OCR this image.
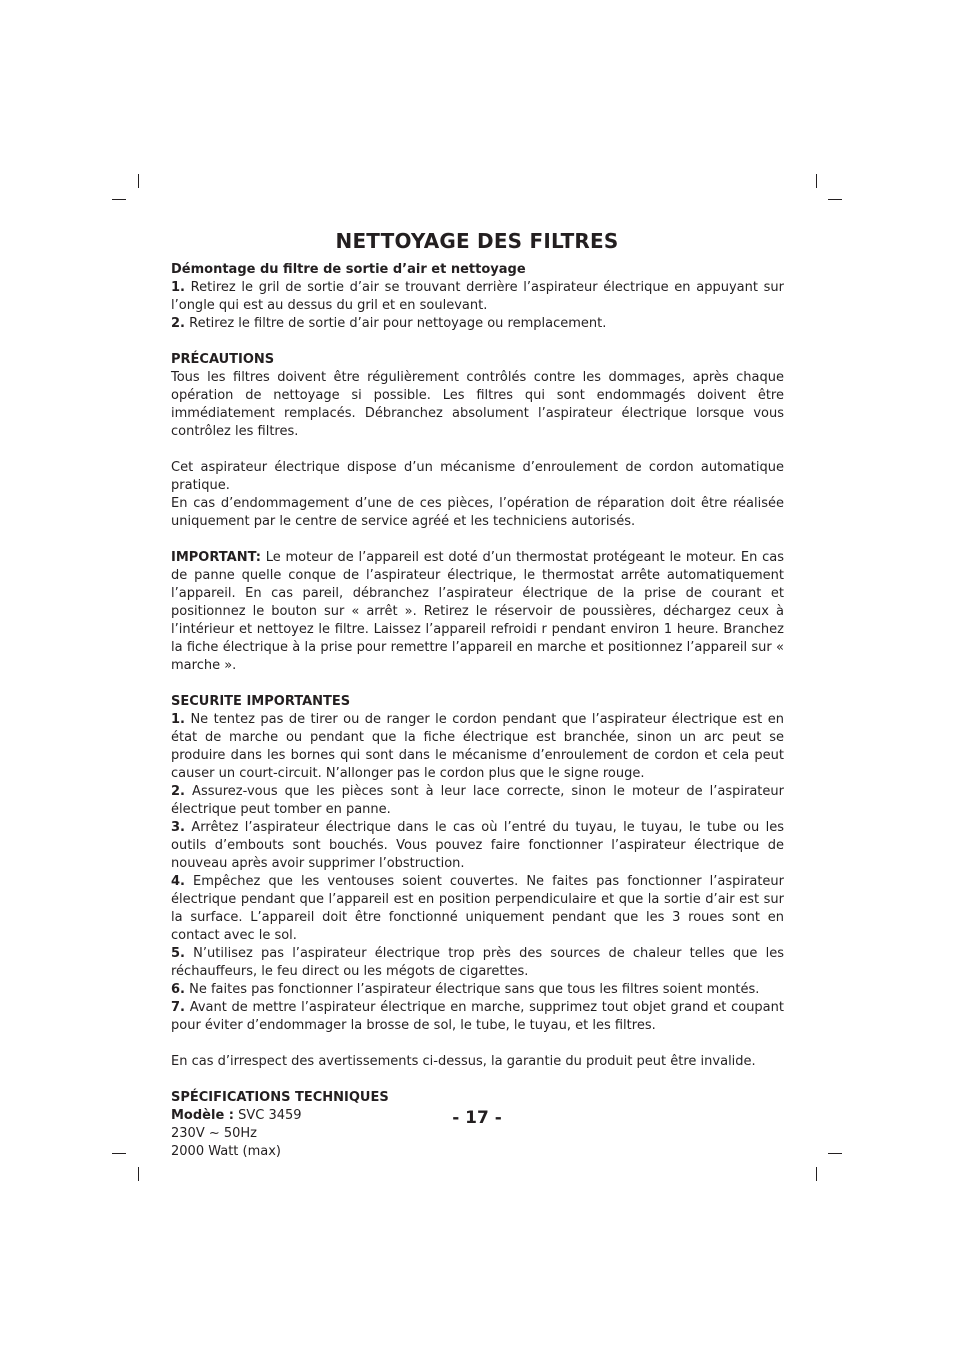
NETTOYAGE DES FILTRES
Démontage du filtre de sortie d’air et nettoyage

1. Retirez le gril de sortie d’air se trouvant derrière l’aspirateur électrique en appuyant sur l’ongle qui est au dessus du gril et en soulevant.

2. Retirez le filtre de sortie d’air pour nettoyage ou remplacement.

PRÉCAUTIONS

Tous les filtres doivent être régulièrement contrôlés contre les dommages, après chaque opération de nettoyage si possible. Les filtres qui sont endommagés doivent être immédiatement remplacés. Débranchez absolument l’aspirateur électrique lorsque vous contrôlez les filtres.

Cet aspirateur électrique dispose d’un mécanisme d’enroulement de cordon automatique pratique.

En cas d’endommagement d’une de ces pièces, l’opération de réparation doit être réalisée uniquement par le centre de service agréé et les techniciens autorisés.

IMPORTANT: Le moteur de l’appareil est doté d’un thermostat protégeant le moteur. En cas de panne quelle conque de l’aspirateur électrique, le thermostat arrête automatiquement l’appareil. En cas pareil, débranchez l’aspirateur électrique de la prise de courant et positionnez le bouton sur « arrêt ». Retirez le réservoir de poussières, déchargez ceux à l’intérieur et nettoyez le filtre. Laissez l’appareil refroidi r pendant environ 1 heure. Branchez la fiche électrique à la prise pour remettre l’appareil en marche et positionnez l’appareil sur « marche ».

SECURITE IMPORTANTES

1. Ne tentez pas de tirer ou de ranger le cordon pendant que l’aspirateur électrique est en état de marche ou pendant que la fiche électrique est branchée, sinon un arc peut se produire dans les bornes qui sont dans le mécanisme d’enroulement de cordon et cela peut causer un court-circuit. N’allonger pas le cordon plus que le signe rouge.

2. Assurez-vous que les pièces sont à leur lace correcte, sinon le moteur de l’aspirateur électrique peut tomber en panne.

3. Arrêtez l’aspirateur électrique dans le cas où l’entré du tuyau, le tuyau, le tube ou les outils d’embouts sont bouchés. Vous pouvez faire fonctionner l’aspirateur électrique de nouveau après avoir supprimer l’obstruction.

4. Empêchez que les ventouses soient couvertes. Ne faites pas fonctionner l’aspirateur électrique pendant que l’appareil est en position perpendiculaire et que la sortie d’air est sur la surface. L’appareil doit être fonctionné uniquement pendant que les 3 roues sont en contact avec le sol.

5. N’utilisez pas l’aspirateur électrique trop près des sources de chaleur telles que les réchauffeurs, le feu direct ou les mégots de cigarettes.

6. Ne faites pas fonctionner l’aspirateur électrique sans que tous les filtres soient montés.

7. Avant de mettre l’aspirateur électrique en marche, supprimez tout objet grand et coupant pour éviter d’endommager la brosse de sol, le tube, le tuyau, et les filtres.

En cas d’irrespect des avertissements ci-dessus, la garantie du produit peut être invalide.

SPÉCIFICATIONS TECHNIQUES

Modèle : SVC 3459

230V ~ 50Hz

2000 Watt (max)

- 17 -
